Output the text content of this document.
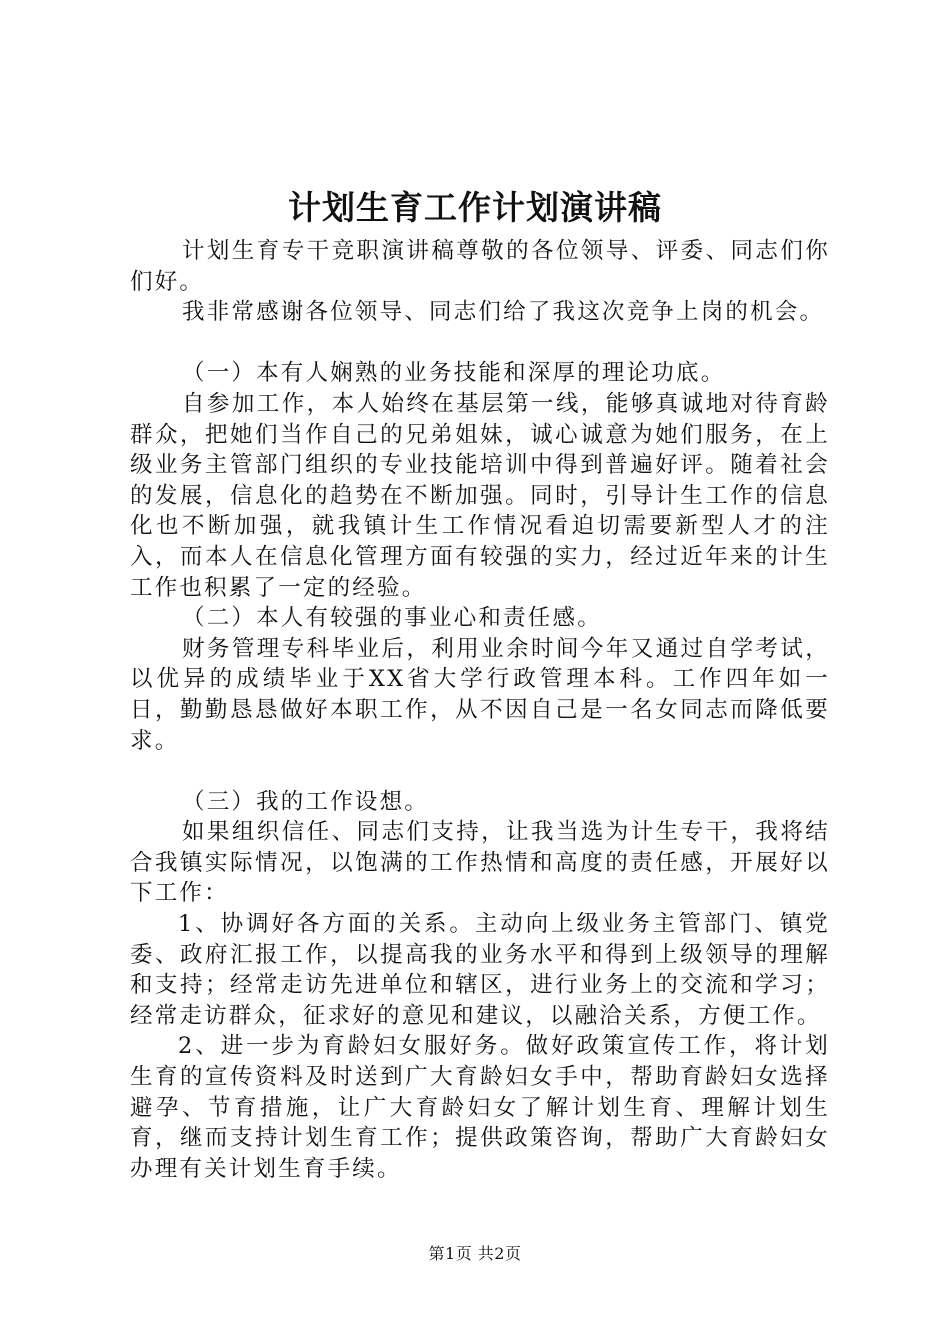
计划生育工作计划演讲稿

计划生育专干竞职演讲稿尊敬的各位领导、评委、同志们你们好。

我非常感谢各位领导、同志们给了我这次竞争上岗的机会。

（一）本有人娴熟的业务技能和深厚的理论功底。

自参加工作，本人始终在基层第一线，能够真诚地对待育龄群众，把她们当作自己的兄弟姐妹，诚心诚意为她们服务，在上级业务主管部门组织的专业技能培训中得到普遍好评。随着社会的发展，信息化的趋势在不断加强。同时，引导计生工作的信息化也不断加强，就我镇计生工作情况看迫切需要新型人才的注入，而本人在信息化管理方面有较强的实力，经过近年来的计生工作也积累了一定的经验。

（二）本人有较强的事业心和责任感。

财务管理专科毕业后，利用业余时间今年又通过自学考试，以优异的成绩毕业于XX省大学行政管理本科。工作四年如一日，勤勤恳恳做好本职工作，从不因自己是一名女同志而降低要求。

（三）我的工作设想。

如果组织信任、同志们支持，让我当选为计生专干，我将结合我镇实际情况，以饱满的工作热情和高度的责任感，开展好以下工作：

1、协调好各方面的关系。主动向上级业务主管部门、镇党委、政府汇报工作，以提高我的业务水平和得到上级领导的理解和支持；经常走访先进单位和辖区，进行业务上的交流和学习；经常走访群众，征求好的意见和建议，以融洽关系，方便工作。

2、进一步为育龄妇女服好务。做好政策宣传工作，将计划生育的宣传资料及时送到广大育龄妇女手中，帮助育龄妇女选择避孕、节育措施，让广大育龄妇女了解计划生育、理解计划生育，继而支持计划生育工作；提供政策咨询，帮助广大育龄妇女办理有关计划生育手续。

第1页 共2页
